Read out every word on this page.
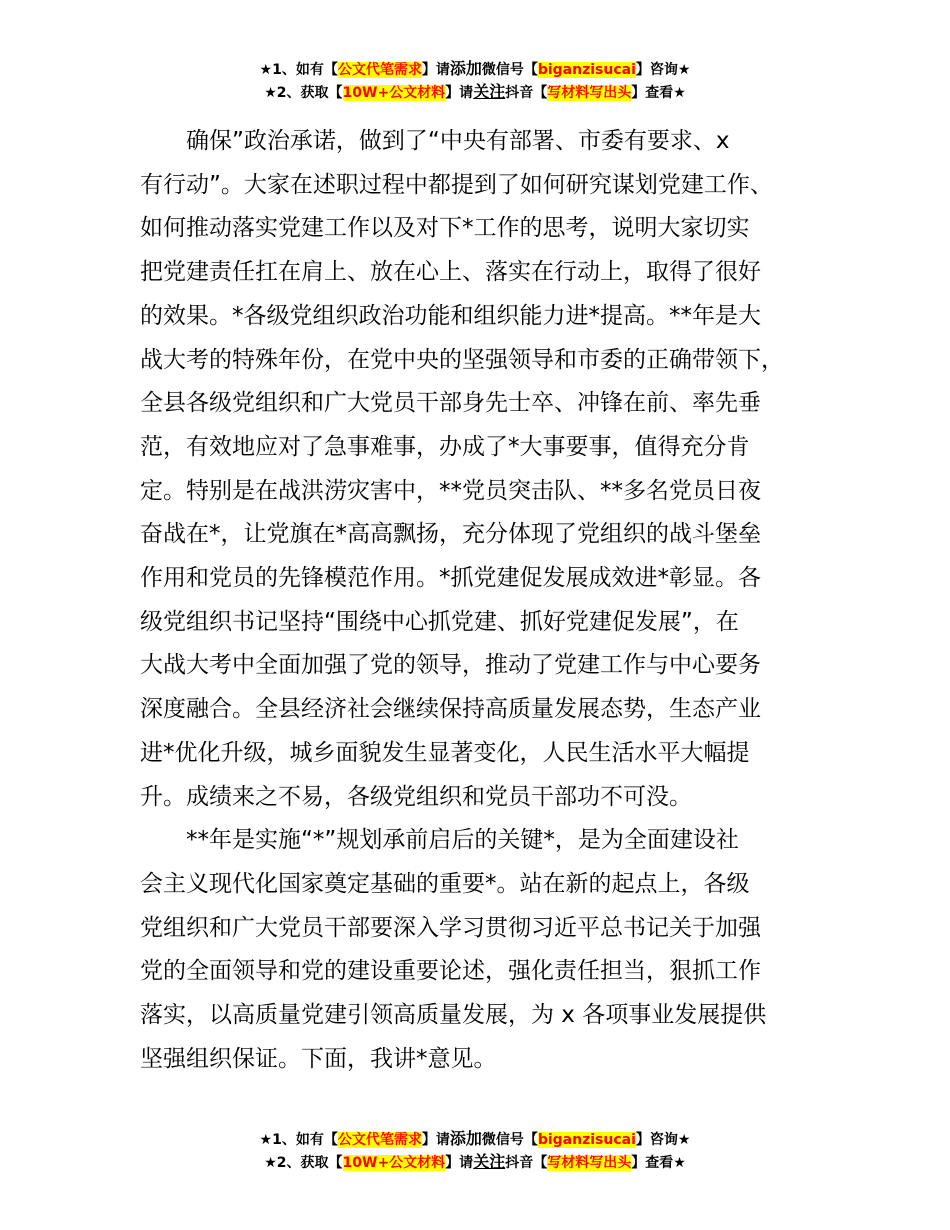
★1、如有【公文代笔需求】请添加微信号【biganzisucai】咨询★
★2、获取【10W+公文材料】请关注抖音【写材料写出头】查看★

确保”政治承诺，做到了“中央有部署、市委有要求、x
有行动”。大家在述职过程中都提到了如何研究谋划党建工作、
如何推动落实党建工作以及对下*工作的思考，说明大家切实
把党建责任扛在肩上、放在心上、落实在行动上，取得了很好
的效果。*各级党组织政治功能和组织能力进*提高。**年是大
战大考的特殊年份，在党中央的坚强领导和市委的正确带领下，
全县各级党组织和广大党员干部身先士卒、冲锋在前、率先垂
范，有效地应对了急事难事，办成了*大事要事，值得充分肯
定。特别是在战洪涝灾害中，**党员突击队、**多名党员日夜
奋战在*，让党旗在*高高飘扬，充分体现了党组织的战斗堡垒
作用和党员的先锋模范作用。*抓党建促发展成效进*彰显。各
级党组织书记坚持“围绕中心抓党建、抓好党建促发展”，在
大战大考中全面加强了党的领导，推动了党建工作与中心要务
深度融合。全县经济社会继续保持高质量发展态势，生态产业
进*优化升级，城乡面貌发生显著变化，人民生活水平大幅提
升。成绩来之不易，各级党组织和党员干部功不可没。

**年是实施“*”规划承前启后的关键*，是为全面建设社
会主义现代化国家奠定基础的重要*。站在新的起点上，各级
党组织和广大党员干部要深入学习贯彻习近平总书记关于加强
党的全面领导和党的建设重要论述，强化责任担当，狠抓工作
落实，以高质量党建引领高质量发展，为 x 各项事业发展提供
坚强组织保证。下面，我讲*意见。

★1、如有【公文代笔需求】请添加微信号【biganzisucai】咨询★
★2、获取【10W+公文材料】请关注抖音【写材料写出头】查看★
